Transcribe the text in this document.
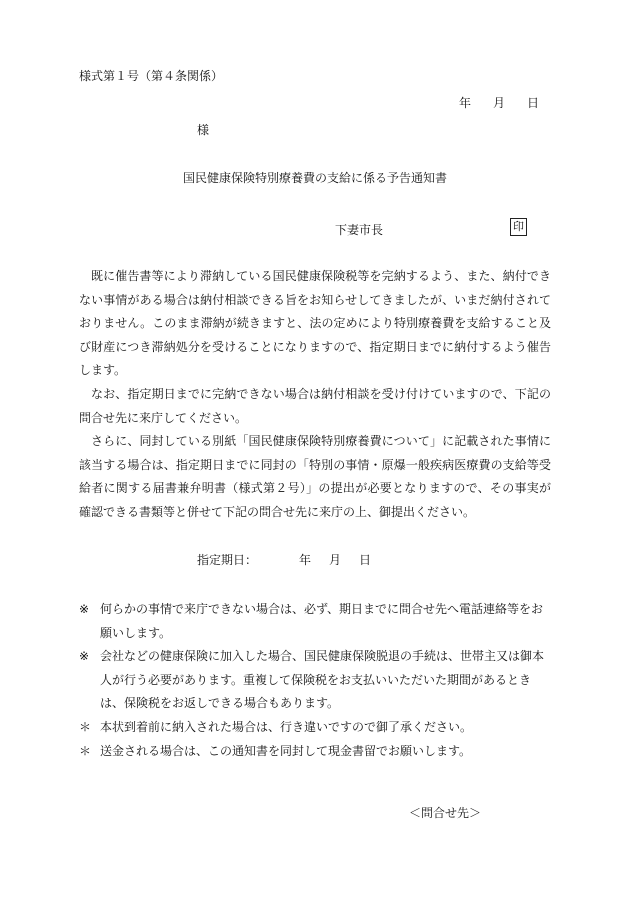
様式第１号（第４条関係）
年 月 日
様
国民健康保険特別療養費の支給に係る予告通知書
下妻市長	印

既に催告書等により滞納している国民健康保険税等を完納するよう、また、納付できない事情がある場合は納付相談できる旨をお知らせしてきましたが、いまだ納付されておりません。このまま滞納が続きますと、法の定めにより特別療養費を支給すること及び財産につき滞納処分を受けることになりますので、指定期日までに納付するよう催告します。

なお、指定期日までに完納できない場合は納付相談を受け付けていますので、下記の問合せ先に来庁してください。

さらに、同封している別紙「国民健康保険特別療養費について」に記載された事情に該当する場合は、指定期日までに同封の「特別の事情・原爆一般疾病医療費の支給等受給者に関する届書兼弁明書（様式第２号）」の提出が必要となりますので、その事実が確認できる書類等と併せて下記の問合せ先に来庁の上、御提出ください。

指定期日：	年 月 日

※ 何らかの事情で来庁できない場合は、必ず、期日までに問合せ先へ電話連絡等をお願いします。

※ 会社などの健康保険に加入した場合、国民健康保険脱退の手続は、世帯主又は御本人が行う必要があります。重複して保険税をお支払いいただいた期間があるときは、保険税をお返しできる場合もあります。

＊ 本状到着前に納入された場合は、行き違いですので御了承ください。

＊ 送金される場合は、この通知書を同封して現金書留でお願いします。

＜問合せ先＞
